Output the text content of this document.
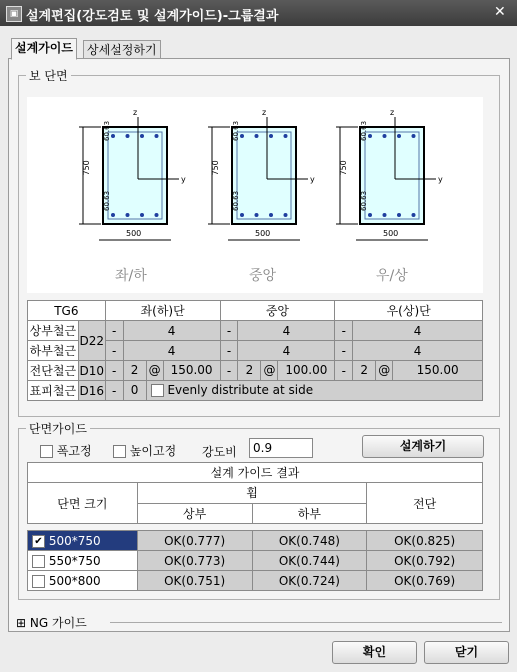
▣ 설계편집(강도검토 및 설계가이드)-그룹결과	✕
설계가이드	상세설정하기
보 단면
z
y
750
60.63
60.63
500
z
y
750
60.63
60.63
500
z
y
750
60.63
60.63
500
좌/하	중앙	우/상
TG6		좌(하)단		중앙		우(상)단	
상부철근	D22	-	4	-	4	-	4
하부철근		-	4	-	4	-	4
전단철근	D10	-	2 @ 150.00	-	2 @ 100.00	-	2 @ 150.00

표피철근	D16	-	0 Evenly distribute at side				
단면가이드
폭고정	높이고정 강도비
0.9	설계하기
설계 가이드 결과			
단면 크기	휨		전단
	상부	하부	

✔ 500*750	OK(0.777)	OK(0.748)	OK(0.825)
550*750	OK(0.773)	OK(0.744)	OK(0.792)
500*800	OK(0.751)	OK(0.724)	OK(0.769)
⊞ NG 가이드
확인	닫기
